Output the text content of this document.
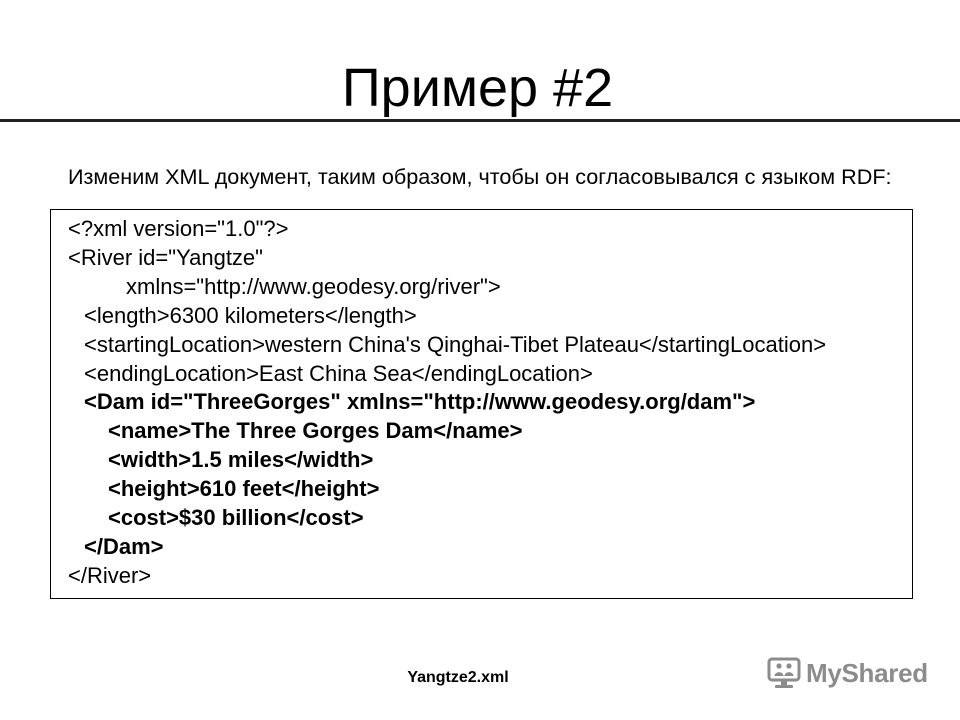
Пример #2
Изменим XML документ, таким образом, чтобы он согласовывался с языком RDF:
<?xml version="1.0"?>
<River id="Yangtze"
xmlns="http://www.geodesy.org/river">
<length>6300 kilometers</length>
<startingLocation>western China's Qinghai-Tibet Plateau</startingLocation>
<endingLocation>East China Sea</endingLocation>
<Dam id="ThreeGorges" xmlns="http://www.geodesy.org/dam">
<name>The Three Gorges Dam</name>
<width>1.5 miles</width>
<height>610 feet</height>
<cost>$30 billion</cost>
</Dam>
</River>
Yangtze2.xml	MyShared
